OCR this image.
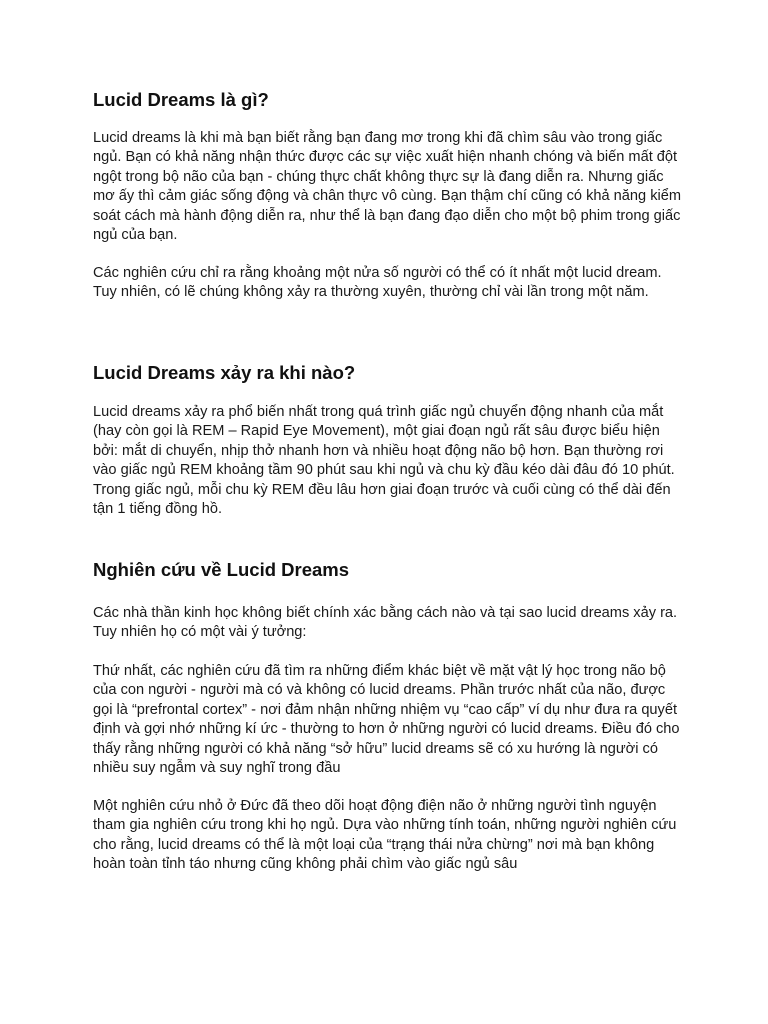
Lucid Dreams là gì?

Lucid dreams là khi mà bạn biết rằng bạn đang mơ trong khi đã chìm sâu vào trong giấc ngủ. Bạn có khả năng nhận thức được các sự việc xuất hiện nhanh chóng và biến mất đột ngột trong bộ não của bạn - chúng thực chất không thực sự là đang diễn ra. Nhưng giấc mơ ấy thì cảm giác sống động và chân thực vô cùng. Bạn thậm chí cũng có khả năng kiểm soát cách mà hành động diễn ra, như thể là bạn đang đạo diễn cho một bộ phim trong giấc ngủ của bạn.

Các nghiên cứu chỉ ra rằng khoảng một nửa số người có thể có ít nhất một lucid dream. Tuy nhiên, có lẽ chúng không xảy ra thường xuyên, thường chỉ vài lần trong một năm.

Lucid Dreams xảy ra khi nào?

Lucid dreams xảy ra phổ biến nhất trong quá trình giấc ngủ chuyển động nhanh của mắt (hay còn gọi là REM – Rapid Eye Movement), một giai đoạn ngủ rất sâu được biểu hiện bởi: mắt di chuyển, nhịp thở nhanh hơn và nhiều hoạt động não bộ hơn. Bạn thường rơi vào giấc ngủ REM khoảng tầm 90 phút sau khi ngủ và chu kỳ đầu kéo dài đâu đó 10 phút. Trong giấc ngủ, mỗi chu kỳ REM đều lâu hơn giai đoạn trước và cuối cùng có thể dài đến tận 1 tiếng đồng hồ.

Nghiên cứu về Lucid Dreams

Các nhà thần kinh học không biết chính xác bằng cách nào và tại sao lucid dreams xảy ra. Tuy nhiên họ có một vài ý tưởng:

Thứ nhất, các nghiên cứu đã tìm ra những điểm khác biệt về mặt vật lý học trong não bộ của con người - người mà có và không có lucid dreams. Phần trước nhất của não, được gọi là “prefrontal cortex” - nơi đảm nhận những nhiệm vụ “cao cấp” ví dụ như đưa ra quyết định và gợi nhớ những kí ức - thường to hơn ở những người có lucid dreams. Điều đó cho thấy rằng những người có khả năng “sở hữu” lucid dreams sẽ có xu hướng là người có nhiều suy ngẫm và suy nghĩ trong đầu

Một nghiên cứu nhỏ ở Đức đã theo dõi hoạt động điện não ở những người tình nguyện tham gia nghiên cứu trong khi họ ngủ. Dựa vào những tính toán, những người nghiên cứu cho rằng, lucid dreams có thể là một loại của “trạng thái nửa chừng” nơi mà bạn không hoàn toàn tỉnh táo nhưng cũng không phải chìm vào giấc ngủ sâu
